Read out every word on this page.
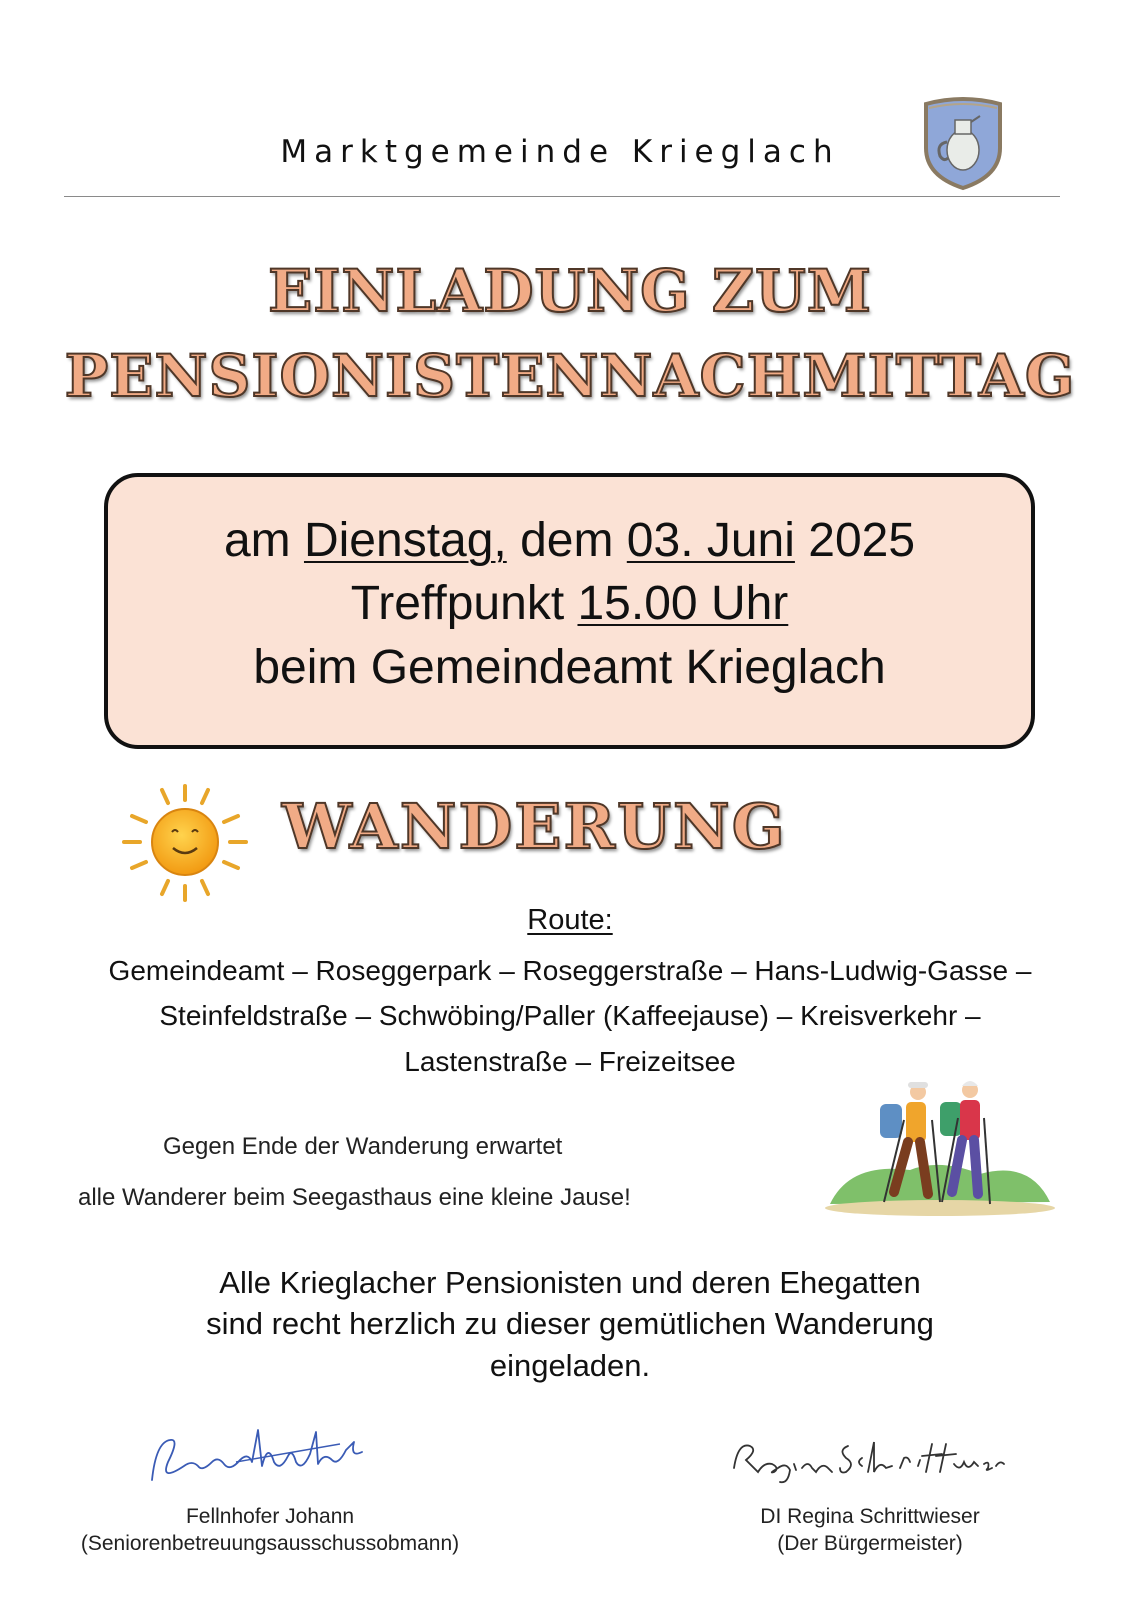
Marktgemeinde Krieglach
EINLADUNG ZUM
PENSIONISTENNACHMITTAG
am Dienstag, dem 03. Juni 2025
Treffpunkt 15.00 Uhr
beim Gemeindeamt Krieglach
WANDERUNG
Route:
Gemeindeamt – Roseggerpark – Roseggerstraße – Hans-Ludwig-Gasse –
Steinfeldstraße – Schwöbing/Paller (Kaffeejause) – Kreisverkehr –
Lastenstraße – Freizeitsee
Gegen Ende der Wanderung erwartet
alle Wanderer beim Seegasthaus eine kleine Jause!
Alle Krieglacher Pensionisten und deren Ehegatten
sind recht herzlich zu dieser gemütlichen Wanderung
eingeladen.
Fellnhofer Johann
(Seniorenbetreuungsausschussobmann)
DI Regina Schrittwieser
(Der Bürgermeister)
